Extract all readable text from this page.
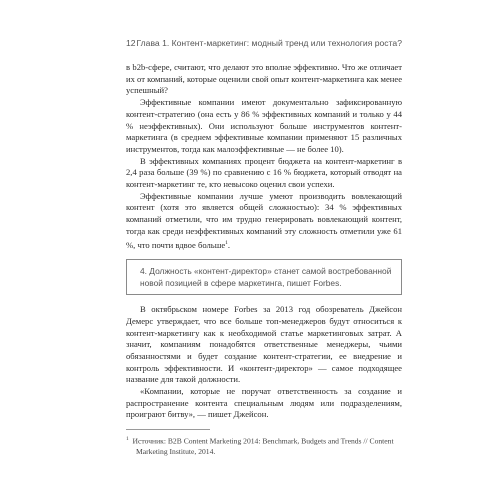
12 Глава 1. Контент-маркетинг: модный тренд или технология роста?

в b2b-сфере, считают, что делают это вполне эффективно. Что же отличает их от компаний, которые оценили свой опыт контент-маркетинга как менее успешный?

Эффективные компании имеют документально зафиксированную контент-стратегию (она есть у 86 % эффективных компаний и только у 44 % неэффективных). Они используют больше инструментов контент-маркетинга (в среднем эффективные компании применяют 15 различных инструментов, тогда как малоэффективные — не более 10).

В эффективных компаниях процент бюджета на контент-маркетинг в 2,4 раза больше (39 %) по сравнению с 16 % бюджета, который отводят на контент-маркетинг те, кто невысоко оценил свои успехи.

Эффективные компании лучше умеют производить вовлекающий контент (хотя это является общей сложностью): 34 % эффективных компаний отметили, что им трудно генерировать вовлекающий контент, тогда как среди неэффективных компаний эту сложность отметили уже 61 %, что почти вдвое больше$^1$.

4. Должность «контент-директор» станет самой востребованной новой позицией в сфере маркетинга, пишет Forbes.

В октябрьском номере Forbes за 2013 год обозреватель Джейсон Демерс утверждает, что все больше топ-менеджеров будут относиться к контент-маркетингу как к необходимой статье маркетинговых затрат. А значит, компаниям понадобятся ответственные менеджеры, чьими обязанностями и будет создание контент-стратегии, ее внедрение и контроль эффективности. И «контент-директор» — самое подходящее название для такой должности.

«Компании, которые не поручат ответственность за создание и распространение контента специальным людям или подразделениям, проиграют битву», — пишет Джейсон.

$^1$ Источник: B2B Content Marketing 2014: Benchmark, Budgets and Trends // Content Marketing Institute, 2014.
